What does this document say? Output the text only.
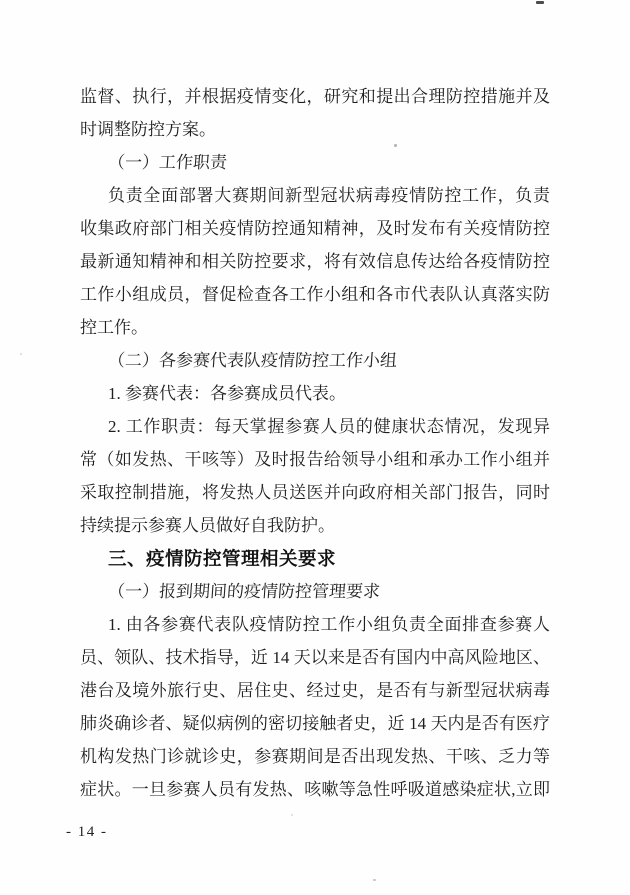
监督、执行，并根据疫情变化，研究和提出合理防控措施并及
时调整防控方案。
（一）工作职责
负责全面部署大赛期间新型冠状病毒疫情防控工作，负责
收集政府部门相关疫情防控通知精神，及时发布有关疫情防控
最新通知精神和相关防控要求，将有效信息传达给各疫情防控
工作小组成员，督促检查各工作小组和各市代表队认真落实防
控工作。
（二）各参赛代表队疫情防控工作小组
1. 参赛代表：各参赛成员代表。
2. 工作职责：每天掌握参赛人员的健康状态情况，发现异
常（如发热、干咳等）及时报告给领导小组和承办工作小组并
采取控制措施，将发热人员送医并向政府相关部门报告，同时
持续提示参赛人员做好自我防护。
三、疫情防控管理相关要求
（一）报到期间的疫情防控管理要求
1. 由各参赛代表队疫情防控工作小组负责全面排查参赛人
员、领队、技术指导，近 14 天以来是否有国内中高风险地区、
港台及境外旅行史、居住史、经过史，是否有与新型冠状病毒
肺炎确诊者、疑似病例的密切接触者史，近 14 天内是否有医疗
机构发热门诊就诊史，参赛期间是否出现发热、干咳、乏力等
症状。一旦参赛人员有发热、咳嗽等急性呼吸道感染症状,立即
- 14 -
